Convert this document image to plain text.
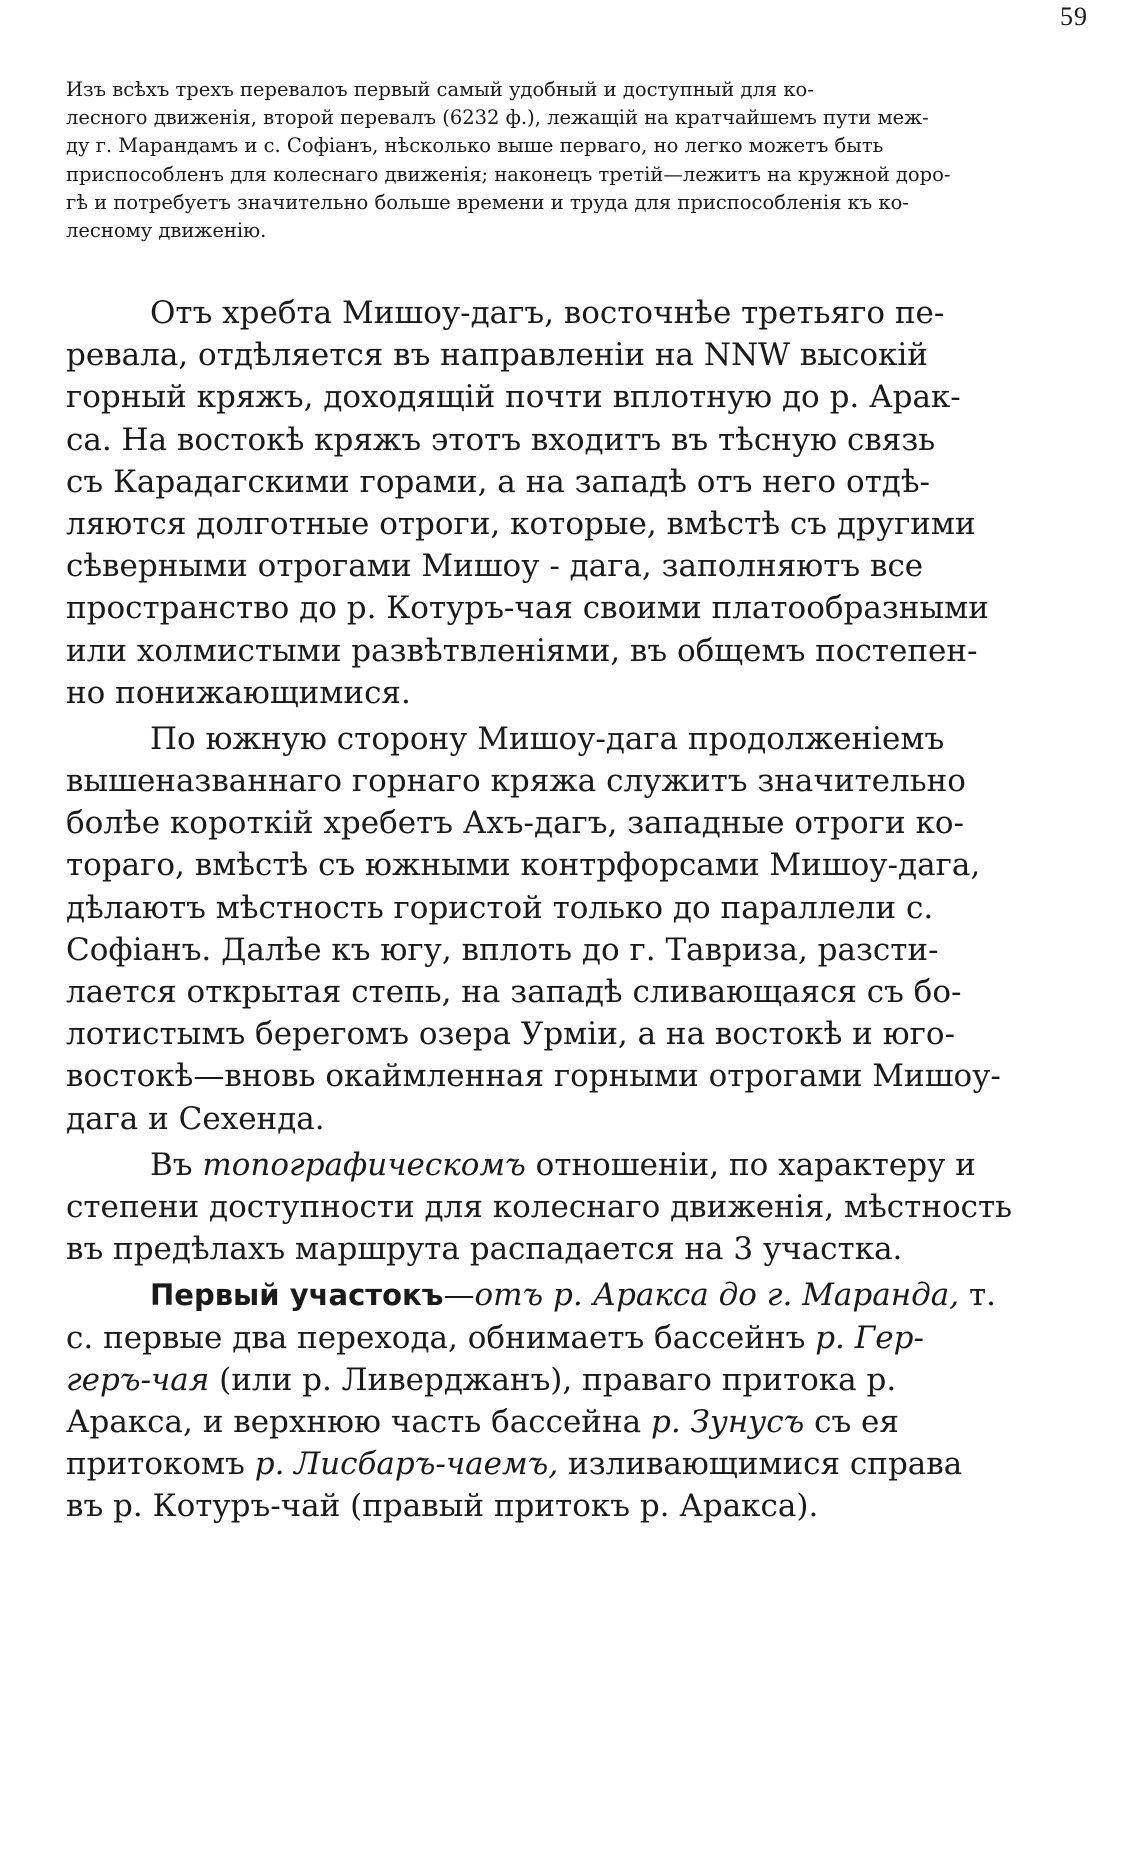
59
Изъ всѣхъ трехъ перевалоъ первый самый удобный и доступный для ко-
лесного движенія, второй перевалъ (6232 ф.), лежащій на кратчайшемъ пути меж-
ду г. Марандамъ и с. Софіанъ, нѣсколько выше перваго, но легко можетъ быть
приспособленъ для колеснаго движенія; наконецъ третій—лежитъ на кружной доро-
гѣ и потребуетъ значительно больше времени и труда для приспособленія къ ко-
лесному движенію.
Отъ хребта Мишоу-дагъ, восточнѣе третьяго пе-
ревала, отдѣляется въ направленіи на NNW высокій
горный кряжъ, доходящій почти вплотную до р. Арак-
са. На востокѣ кряжъ этотъ входитъ въ тѣсную связь
съ Карадагскими горами, а на западѣ отъ него отдѣ-
ляются долготные отроги, которые, вмѣстѣ съ другими
сѣверными отрогами Мишоу - дага, заполняютъ все
пространство до р. Котуръ-чая своими платообразными
или холмистыми развѣтвленіями, въ общемъ постепен-
но понижающимися.
По южную сторону Мишоу-дага продолженіемъ
вышеназваннаго горнаго кряжа служитъ значительно
болѣе короткій хребетъ Ахъ-дагъ, западные отроги ко-
тораго, вмѣстѣ съ южными контрфорсами Мишоу-дага,
дѣлаютъ мѣстность гористой только до параллели с.
Софіанъ. Далѣе къ югу, вплоть до г. Тавриза, разсти-
лается открытая степь, на западѣ сливающаяся съ бо-
лотистымъ берегомъ озера Урміи, а на востокѣ и юго-
востокѣ—вновь окаймленная горными отрогами Мишоу-
дага и Сехенда.
Въ топографическомъ отношеніи, по характеру и
степени доступности для колеснаго движенія, мѣстность
въ предѣлахъ маршрута распадается на 3 участка.
Первый участокъ—отъ р. Аракса до г. Маранда, т.
с. первые два перехода, обнимаетъ бассейнъ р. Гер-
геръ-чая (или р. Ливерджанъ), праваго притока р.
Аракса, и верхнюю часть бассейна р. Зунусъ съ ея
притокомъ р. Лисбаръ-чаемъ, изливающимися справа
въ р. Котуръ-чай (правый притокъ р. Аракса).
